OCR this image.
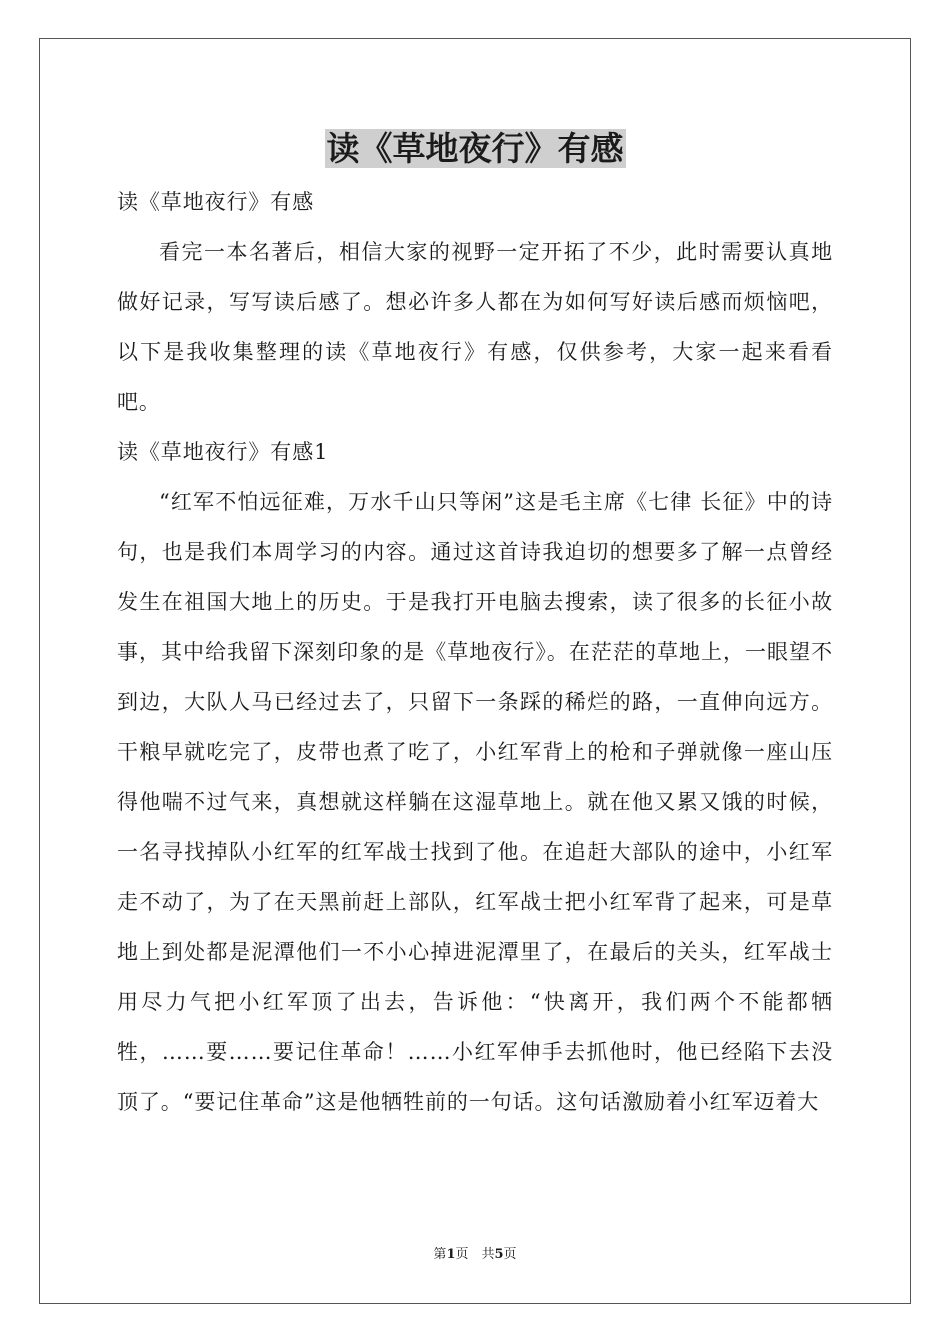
读《草地夜行》有感

读《草地夜行》有感

看完一本名著后，相信大家的视野一定开拓了不少，此时需要认真地做好记录，写写读后感了。想必许多人都在为如何写好读后感而烦恼吧，以下是我收集整理的读《草地夜行》有感，仅供参考，大家一起来看看吧。

读《草地夜行》有感1

“红军不怕远征难，万水千山只等闲”这是毛主席《七律 长征》中的诗句，也是我们本周学习的内容。通过这首诗我迫切的想要多了解一点曾经发生在祖国大地上的历史。于是我打开电脑去搜索，读了很多的长征小故事，其中给我留下深刻印象的是《草地夜行》。在茫茫的草地上，一眼望不到边，大队人马已经过去了，只留下一条踩的稀烂的路，一直伸向远方。干粮早就吃完了，皮带也煮了吃了，小红军背上的枪和子弹就像一座山压得他喘不过气来，真想就这样躺在这湿草地上。就在他又累又饿的时候，一名寻找掉队小红军的红军战士找到了他。在追赶大部队的途中，小红军走不动了，为了在天黑前赶上部队，红军战士把小红军背了起来，可是草地上到处都是泥潭他们一不小心掉进泥潭里了，在最后的关头，红军战士用尽力气把小红军顶了出去，告诉他：“快离开，我们两个不能都牺牲，……要……要记住革命！……小红军伸手去抓他时，他已经陷下去没顶了。“要记住革命”这是他牺牲前的一句话。这句话激励着小红军迈着大

第1页　共5页
